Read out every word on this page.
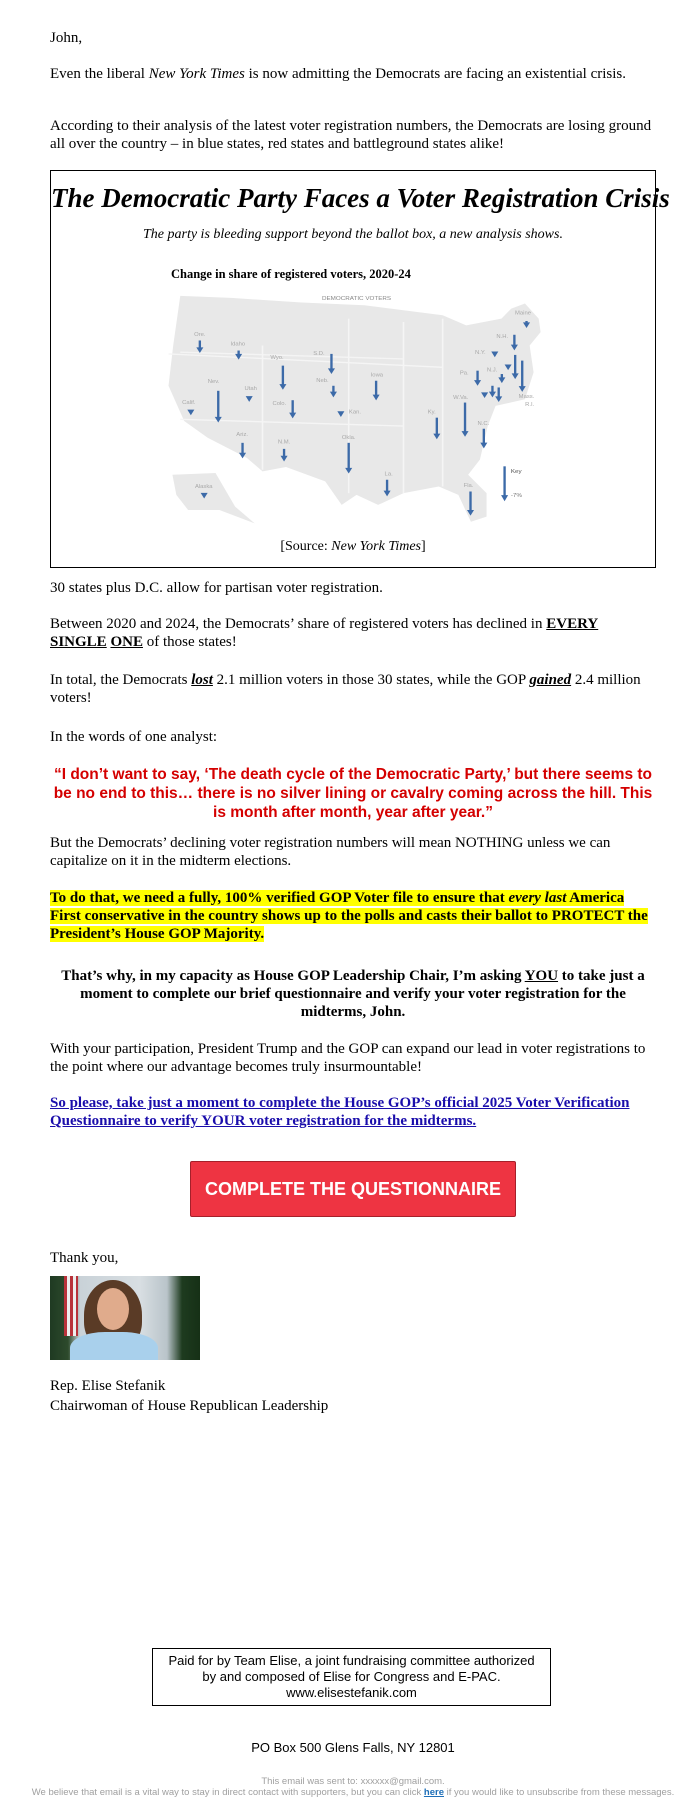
John,

Even the liberal New York Times is now admitting the Democrats are facing an existential crisis.

According to their analysis of the latest voter registration numbers, the Democrats are losing ground all over the country – in blue states, red states and battleground states alike!

DEMOCRATIC VOTERS
Ore.
Idaho
Wyo.
S.D.
Neb.
Iowa
Nev.
Utah
Calif.	Colo.
Kan.
Ariz.
N.M.
Okla.
La.
Alaska
Ky.
W.Va.
N.C.
Fla.
Pa.
N.Y.
N.J.
Maine
N.H.
Mass.
R.I.
Key
-7%
The Democratic Party Faces a Voter Registration Crisis
The party is bleeding support beyond the ballot box, a new analysis shows.
Change in share of registered voters, 2020-24
[Source: New York Times]

30 states plus D.C. allow for partisan voter registration.

Between 2020 and 2024, the Democrats’ share of registered voters has declined in EVERY SINGLE ONE of those states!

In total, the Democrats lost 2.1 million voters in those 30 states, while the GOP gained 2.4 million voters!

In the words of one analyst:

“I don’t want to say, ‘The death cycle of the Democratic Party,’ but there seems to be no end to this… there is no silver lining or cavalry coming across the hill. This is month after month, year after year.”

But the Democrats’ declining voter registration numbers will mean NOTHING unless we can capitalize on it in the midterm elections.

To do that, we need a fully, 100% verified GOP Voter file to ensure that every last America First conservative in the country shows up to the polls and casts their ballot to PROTECT the President’s House GOP Majority.

That’s why, in my capacity as House GOP Leadership Chair, I’m asking YOU to take just a moment to complete our brief questionnaire and verify your voter registration for the midterms, John.

With your participation, President Trump and the GOP can expand our lead in voter registrations to the point where our advantage becomes truly insurmountable!

So please, take just a moment to complete the House GOP’s official 2025 Voter Verification Questionnaire to verify YOUR voter registration for the midterms.

COMPLETE THE QUESTIONNAIRE

Thank you,

Rep. Elise Stefanik

Chairwoman of House Republican Leadership

Paid for by Team Elise, a joint fundraising committee authorized by and composed of Elise for Congress and E-PAC. www.elisestefanik.com
PO Box 500 Glens Falls, NY 12801
This email was sent to: xxxxxx@gmail.com.
We believe that email is a vital way to stay in direct contact with supporters, but you can click here if you would like to unsubscribe from these messages.
